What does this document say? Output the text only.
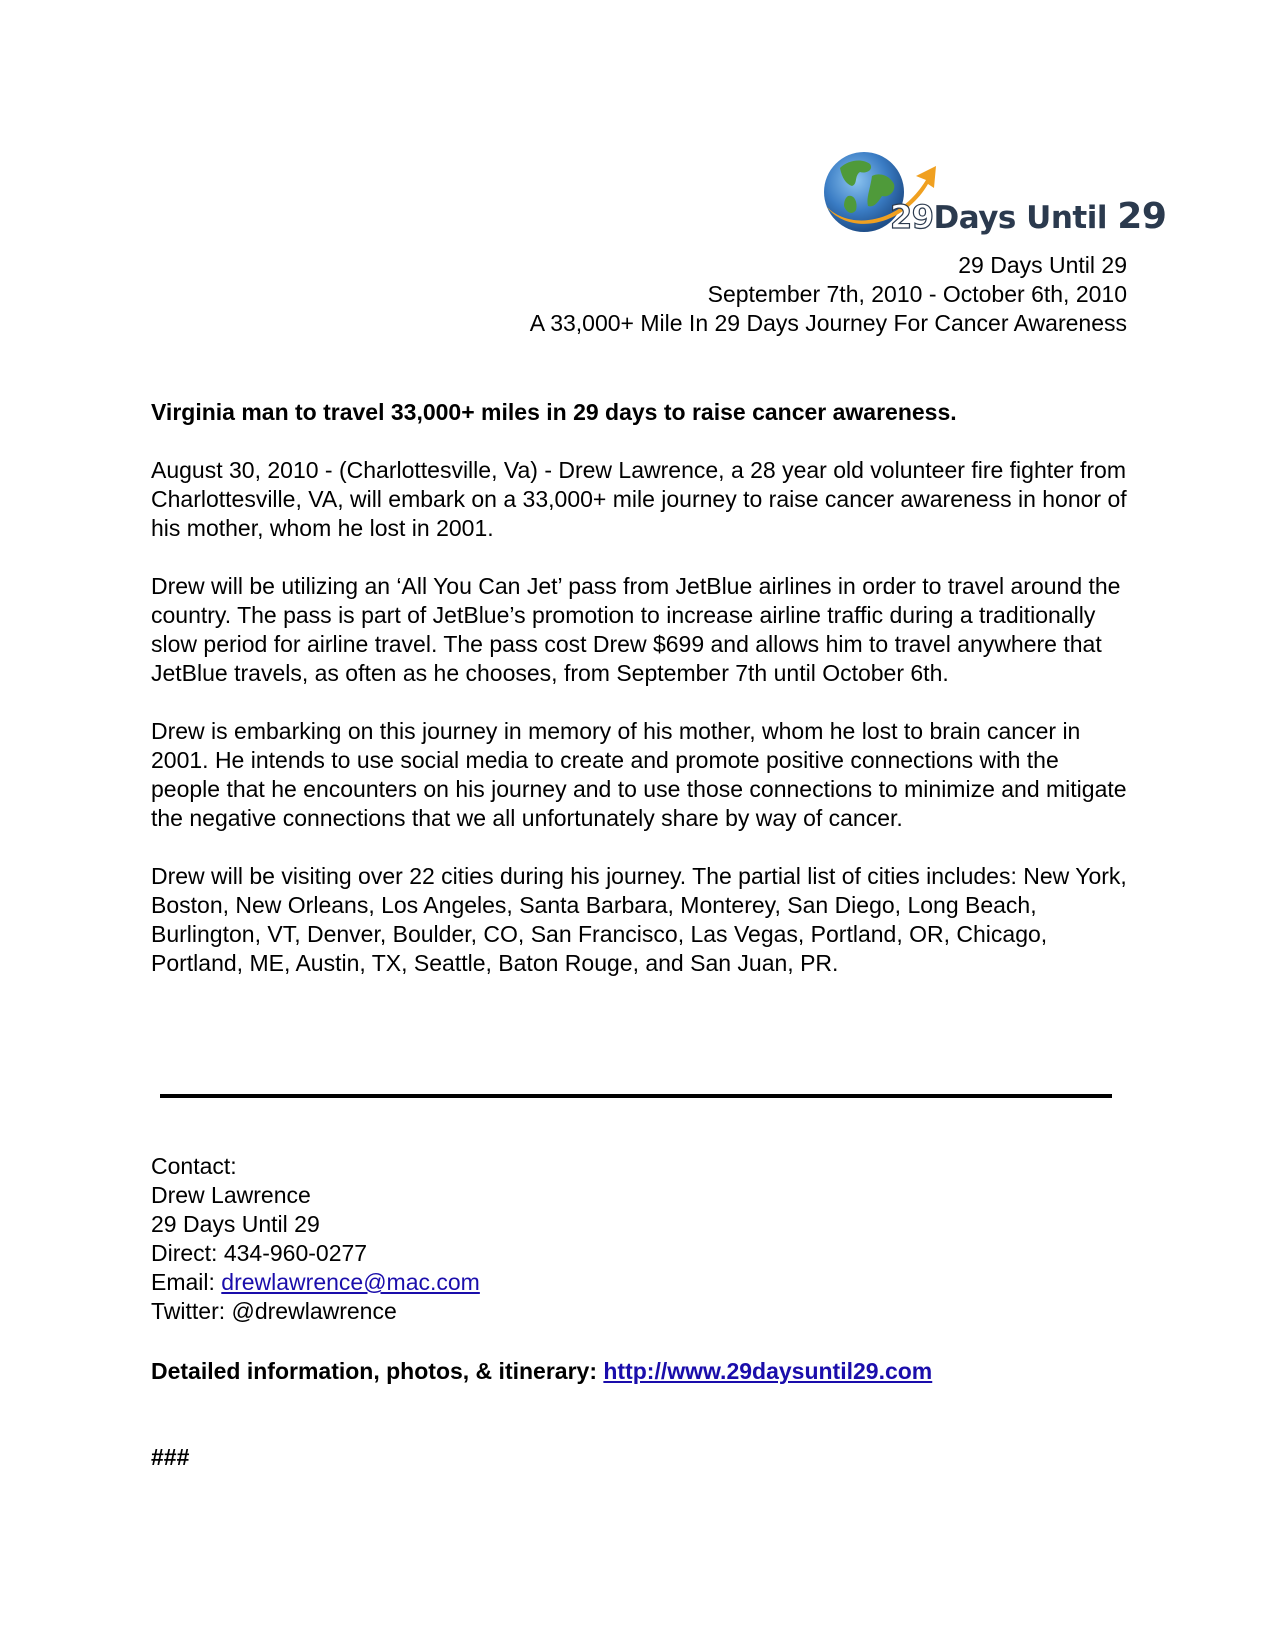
29Days Until 29
29 Days Until 29
September 7th, 2010 - October 6th, 2010
A 33,000+ Mile In 29 Days Journey For Cancer Awareness

Virginia man to travel 33,000+ miles in 29 days to raise cancer awareness.

August 30, 2010 - (Charlottesville, Va) - Drew Lawrence, a 28 year old volunteer fire fighter from Charlottesville, VA, will embark on a 33,000+ mile journey to raise cancer awareness in honor of his mother, whom he lost in 2001.

Drew will be utilizing an ‘All You Can Jet’ pass from JetBlue airlines in order to travel around the country. The pass is part of JetBlue’s promotion to increase airline traffic during a traditionally slow period for airline travel. The pass cost Drew $699 and allows him to travel anywhere that JetBlue travels, as often as he chooses, from September 7th until October 6th.

Drew is embarking on this journey in memory of his mother, whom he lost to brain cancer in 2001. He intends to use social media to create and promote positive connections with the people that he encounters on his journey and to use those connections to minimize and mitigate the negative connections that we all unfortunately share by way of cancer.

Drew will be visiting over 22 cities during his journey. The partial list of cities includes: New York, Boston, New Orleans, Los Angeles, Santa Barbara, Monterey, San Diego, Long Beach, Burlington, VT, Denver, Boulder, CO, San Francisco, Las Vegas, Portland, OR, Chicago, Portland, ME, Austin, TX, Seattle, Baton Rouge, and San Juan, PR.

Contact:
Drew Lawrence
29 Days Until 29
Direct: 434-960-0277
Email: drewlawrence@mac.com
Twitter: @drewlawrence
Detailed information, photos, & itinerary: http://www.29daysuntil29.com
###
